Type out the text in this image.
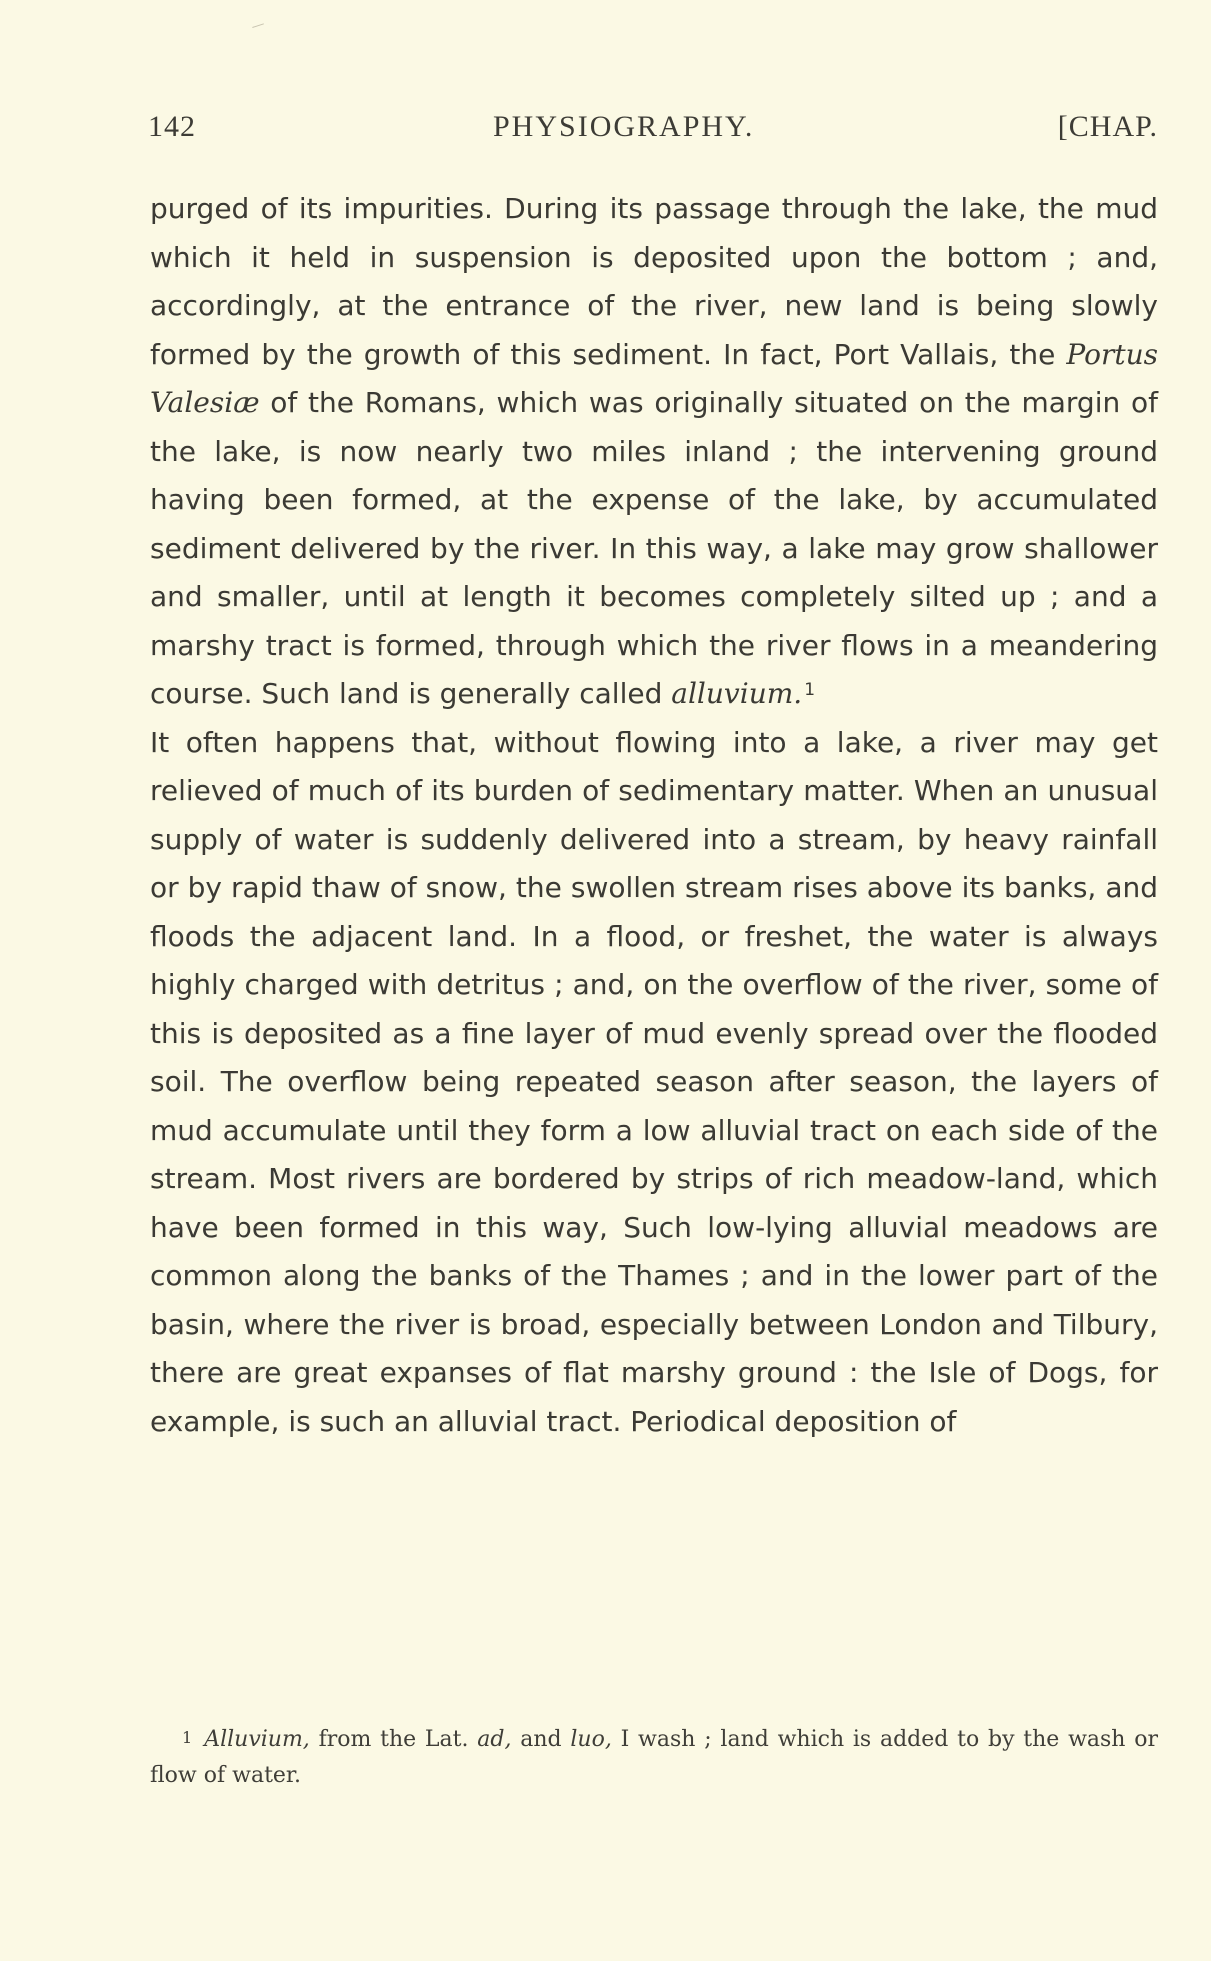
142	PHYSIOGRAPHY.	[CHAP.

purged of its impurities. During its passage through the lake, the mud which it held in suspension is deposited upon the bottom ; and, accordingly, at the entrance of the river, new land is being slowly formed by the growth of this sediment. In fact, Port Vallais, the Portus Valesiæ of the Romans, which was originally situated on the margin of the lake, is now nearly two miles inland ; the intervening ground having been formed, at the expense of the lake, by accumulated sediment delivered by the river. In this way, a lake may grow shallower and smaller, until at length it becomes completely silted up ; and a marshy tract is formed, through which the river flows in a meandering course. Such land is generally called alluvium. $^1$

It often happens that, without flowing into a lake, a river may get relieved of much of its burden of sedimentary matter. When an unusual supply of water is suddenly delivered into a stream, by heavy rainfall or by rapid thaw of snow, the swollen stream rises above its banks, and floods the adjacent land. In a flood, or freshet, the water is always highly charged with detritus ; and, on the overflow of the river, some of this is deposited as a fine layer of mud evenly spread over the flooded soil. The overflow being repeated season after season, the layers of mud accumulate until they form a low alluvial tract on each side of the stream. Most rivers are bordered by strips of rich meadow-land, which have been formed in this way, Such low-lying alluvial meadows are common along the banks of the Thames ; and in the lower part of the basin, where the river is broad, especially between London and Tilbury, there are great expanses of flat marshy ground : the Isle of Dogs, for example, is such an alluvial tract. Periodical deposition of

$^1$ Alluvium, from the Lat. ad, and luo, I wash ; land which is added to by the wash or flow of water.
